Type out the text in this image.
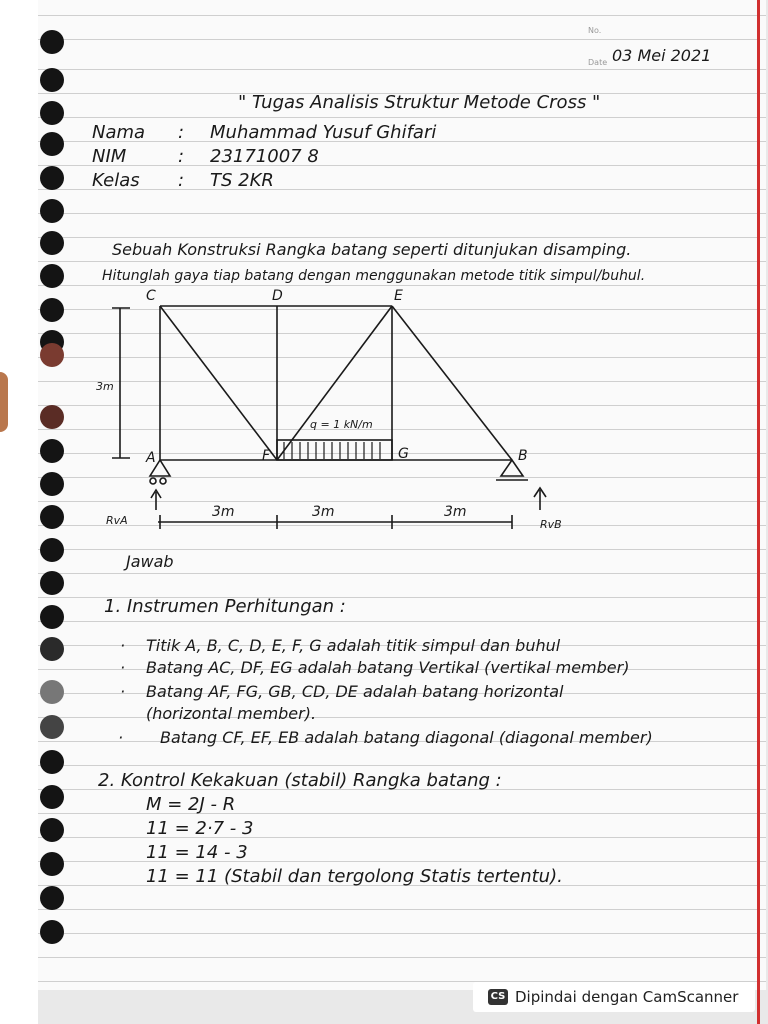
No.
Date 03 Mei 2021
" Tugas Analisis Struktur Metode Cross "
Nama : Muhammad Yusuf Ghifari
NIM	: 23171007 8
Kelas : TS 2KR
Sebuah Konstruksi Rangka batang seperti ditunjukan disamping.
Hitunglah gaya tiap batang dengan menggunakan metode titik simpul/buhul.
C	D	E
A	F	G	B
3m
q = 1 kN/m
3m	3m	3m
RvA	RvB
Jawab
1. Instrumen Perhitungan :
· Titik A, B, C, D, E, F, G adalah titik simpul dan buhul
· Batang AC, DF, EG adalah batang Vertikal (vertikal member)
· Batang AF, FG, GB, CD, DE adalah batang horizontal
(horizontal member).
· Batang CF, EF, EB adalah batang diagonal (diagonal member)
2. Kontrol Kekakuan (stabil) Rangka batang :
M = 2J - R
11 = 2·7 - 3
11 = 14 - 3
11 = 11 (Stabil dan tergolong Statis tertentu).
CS Dipindai dengan CamScanner
